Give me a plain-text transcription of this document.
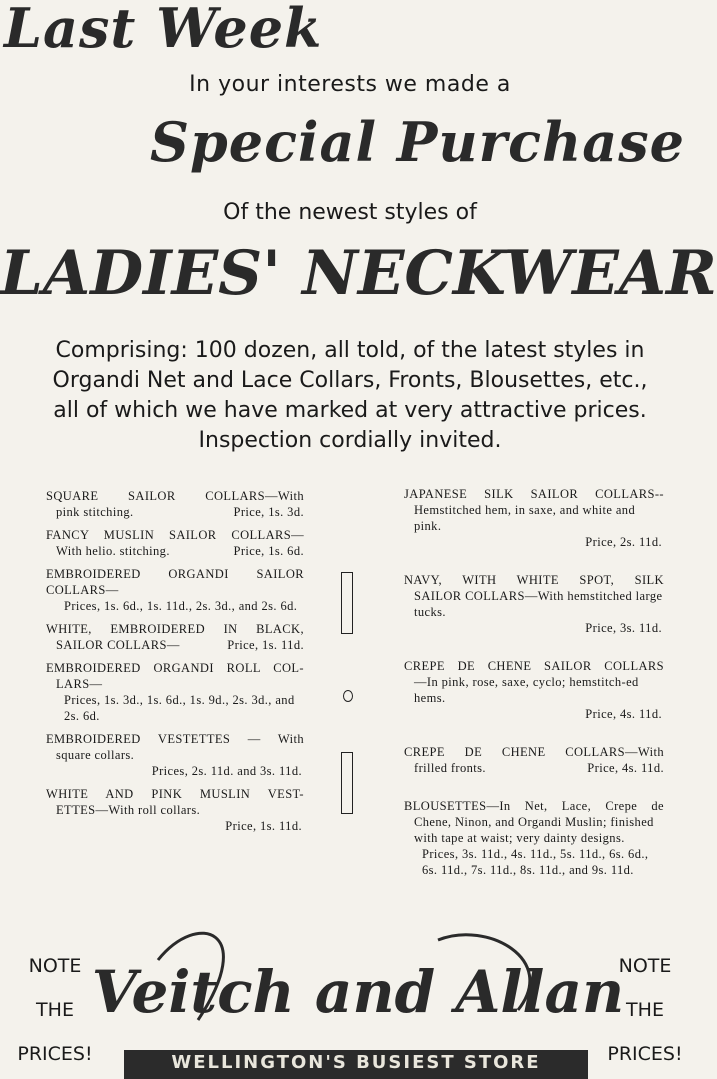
Last Week
In your interests we made a
Special Purchase
Of the newest styles of
LADIES' NECKWEAR
Comprising: 100 dozen, all told, of the latest styles in
Organdi Net and Lace Collars, Fronts, Blousettes, etc.,
all of which we have marked at very attractive prices.
Inspection cordially invited.
SQUARE SAILOR COLLARS—With
pink stitching.	Price, 1s. 3d.
FANCY MUSLIN SAILOR COLLARS—
With helio. stitching.	Price, 1s. 6d.
EMBROIDERED ORGANDI SAILOR
COLLARS—
Prices, 1s. 6d., 1s. 11d., 2s. 3d., and 2s. 6d.
WHITE, EMBROIDERED IN BLACK,
SAILOR COLLARS—	Price, 1s. 11d.
EMBROIDERED ORGANDI ROLL COL-
LARS—
Prices, 1s. 3d., 1s. 6d., 1s. 9d., 2s. 3d., and 2s. 6d.
EMBROIDERED VESTETTES — With
square collars.
Prices, 2s. 11d. and 3s. 11d.
WHITE AND PINK MUSLIN VEST-
ETTES—With roll collars.
Price, 1s. 11d.
JAPANESE SILK SAILOR COLLARS--
Hemstitched hem, in saxe, and white and pink.
Price, 2s. 11d.
NAVY, WITH WHITE SPOT, SILK
SAILOR COLLARS—With hemstitched large tucks.
Price, 3s. 11d.
CREPE DE CHENE SAILOR COLLARS
—In pink, rose, saxe, cyclo; hemstitch-ed hems.
Price, 4s. 11d.
CREPE DE CHENE COLLARS—With
frilled fronts.	Price, 4s. 11d.
BLOUSETTES—In Net, Lace, Crepe de
Chene, Ninon, and Organdi Muslin; finished with tape at waist; very dainty designs.
Prices, 3s. 11d., 4s. 11d., 5s. 11d., 6s. 6d., 6s. 11d., 7s. 11d., 8s. 11d., and 9s. 11d.
NOTE
THE
PRICES!
NOTE
THE
PRICES!
Veitch and Allan
WELLINGTON'S BUSIEST STORE
